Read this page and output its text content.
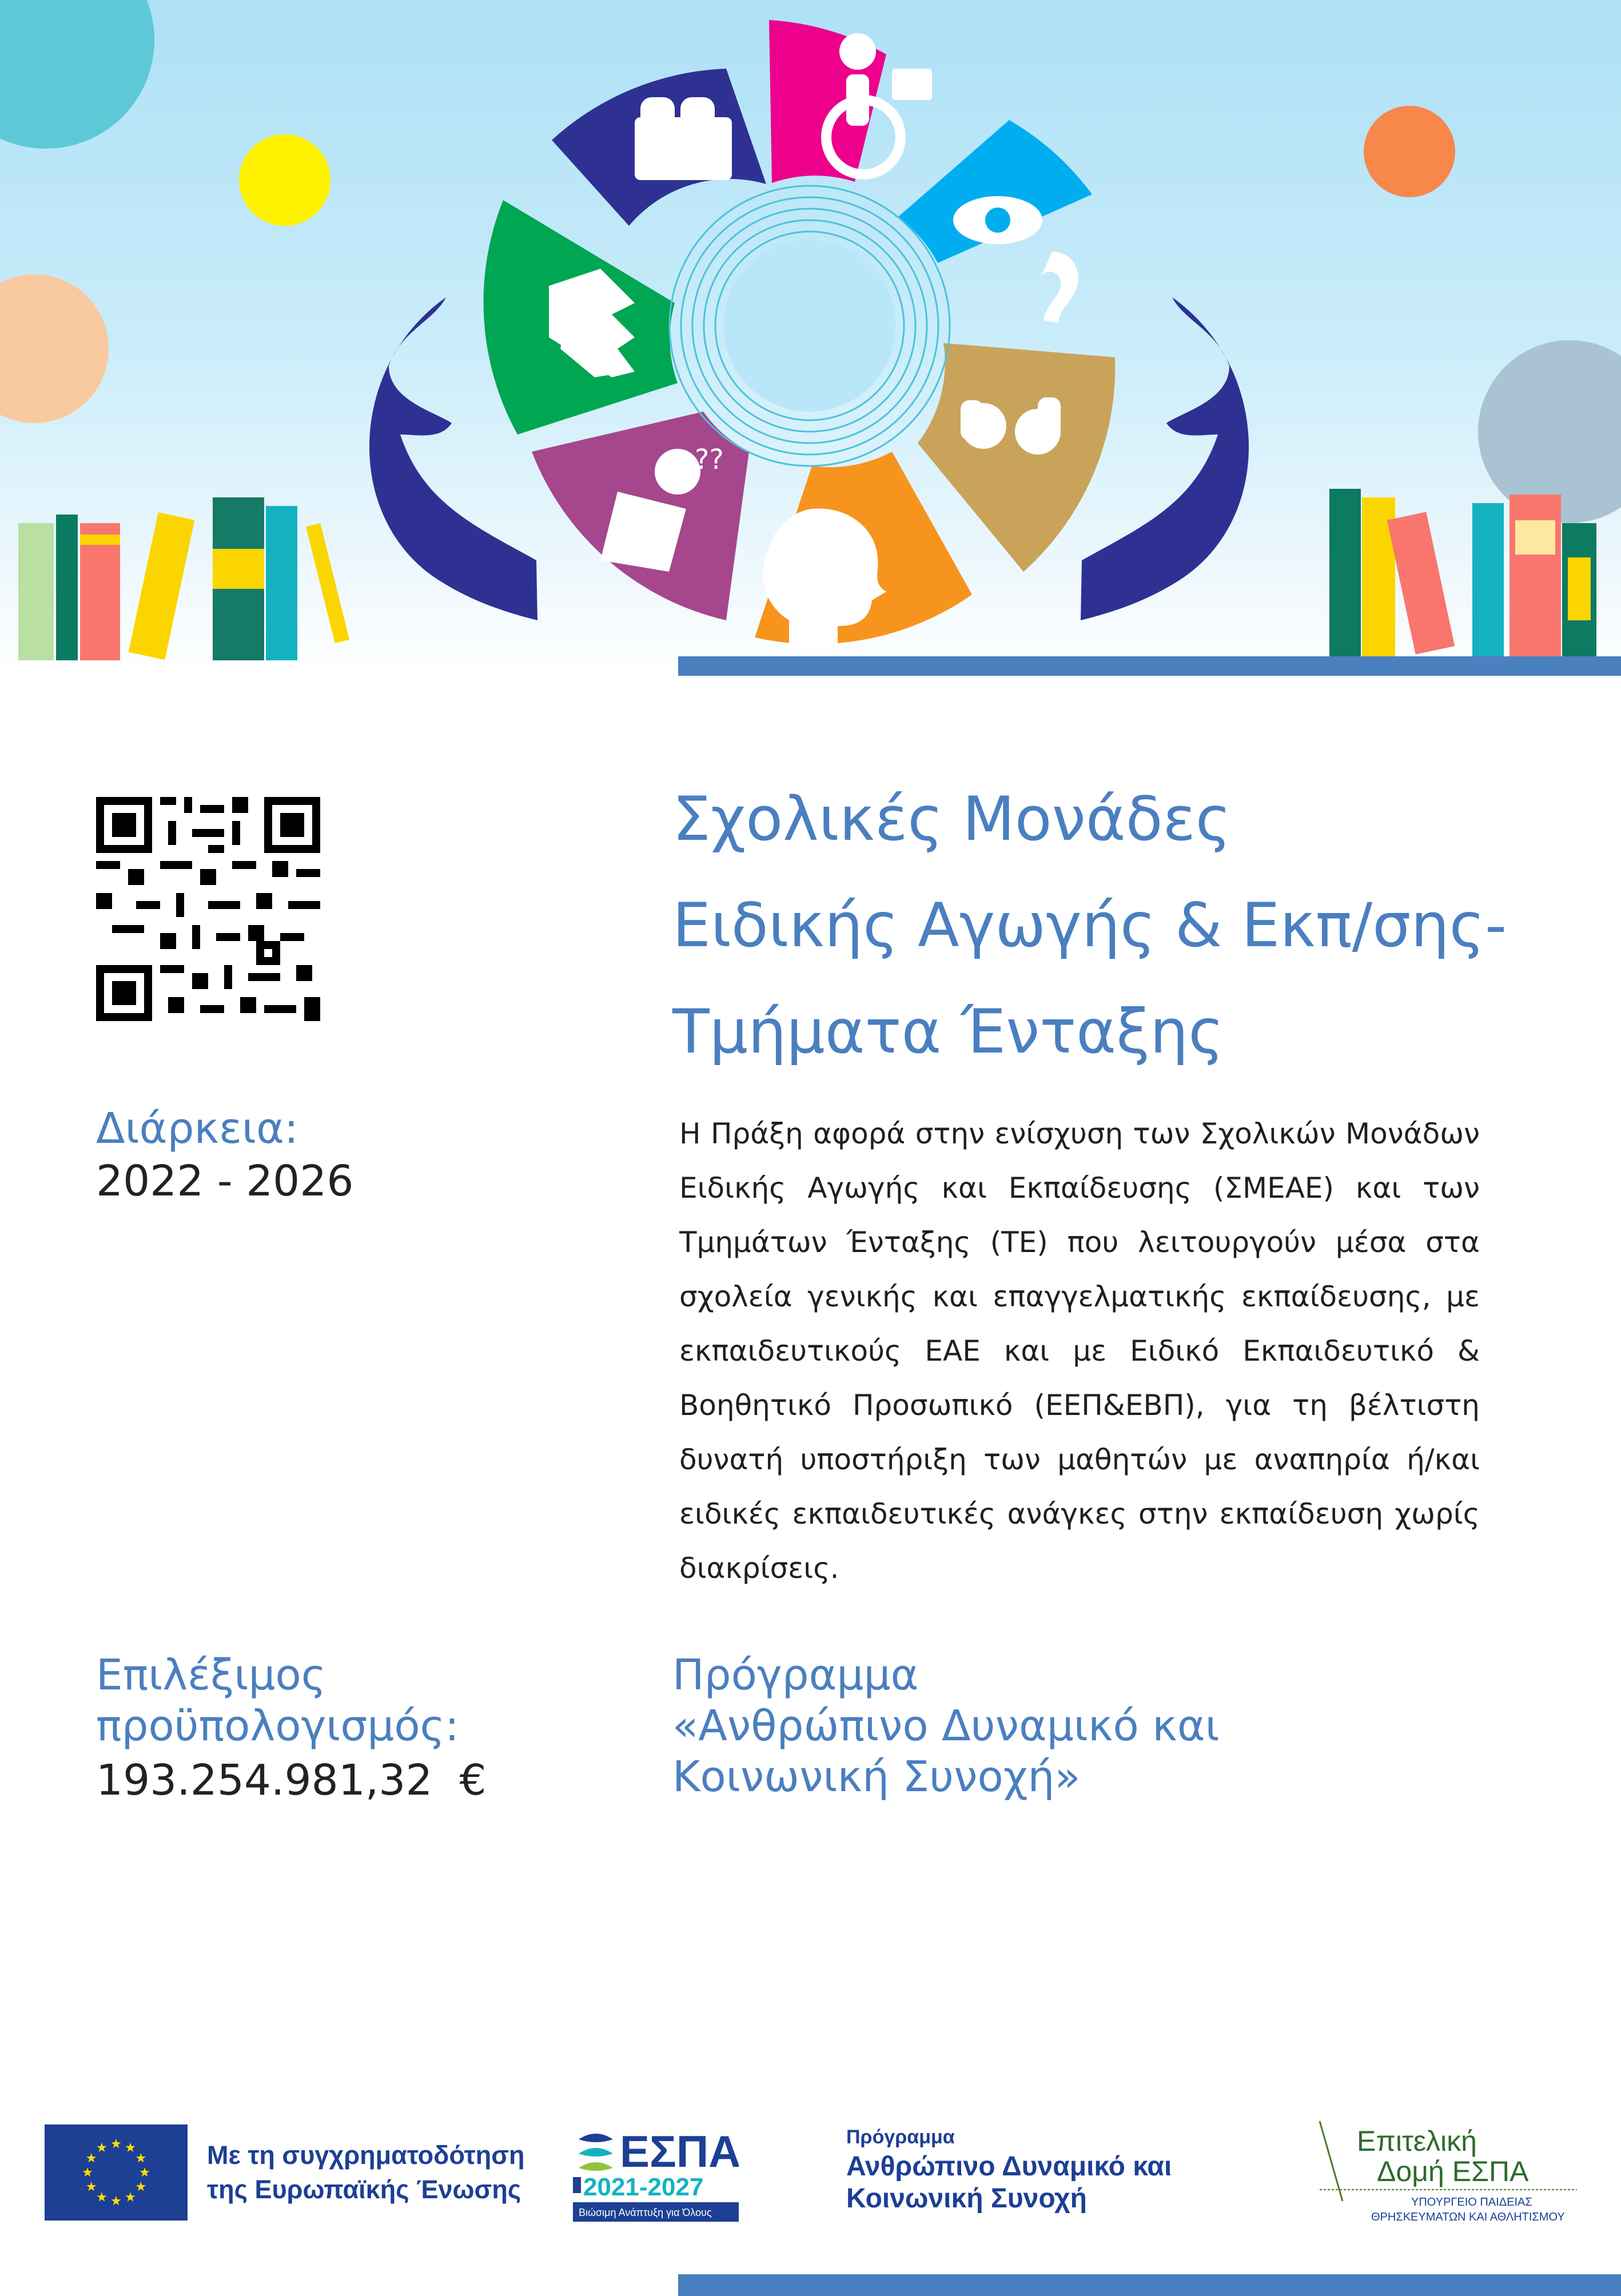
??
Διάρκεια:
2022 - 2026
Επιλέξιμος
προϋπολογισμός:
193.254.981,32  €
Σχολικές Μονάδες
Ειδικής Αγωγής & Εκπ/σης-
Τμήματα Ένταξης

Η Πράξη αφορά στην ενίσχυση των Σχολικών Μονάδων Ειδικής Αγωγής και Εκπαίδευσης (ΣΜΕΑΕ) και των Τμημάτων Ένταξης (ΤΕ) που λειτουργούν μέσα στα σχολεία γενικής και επαγγελματικής εκπαίδευσης, με εκπαιδευτικούς ΕΑΕ και με Ειδικό Εκπαιδευτικό & Βοηθητικό Προσωπικό (ΕΕΠ&ΕΒΠ), για τη βέλτιστη δυνατή υποστήριξη των μαθητών με αναπηρία ή/και ειδικές εκπαιδευτικές ανάγκες στην εκπαίδευση χωρίς διακρίσεις.

Πρόγραμμα
«Ανθρώπινο Δυναμικό και
Κοινωνική Συνοχή»
Με τη συγχρηματοδότηση
της Ευρωπαϊκής Ένωσης
ΕΣΠΑ
2021-2027
Βιώσιμη Ανάπτυξη για Όλους
Πρόγραμμα
Ανθρώπινο Δυναμικό και
Κοινωνική Συνοχή
Επιτελική
Δομή ΕΣΠΑ
ΥΠΟΥΡΓΕΙΟ ΠΑΙΔΕΙΑΣ
ΘΡΗΣΚΕΥΜΑΤΩΝ ΚΑΙ ΑΘΛΗΤΙΣΜΟΥ
